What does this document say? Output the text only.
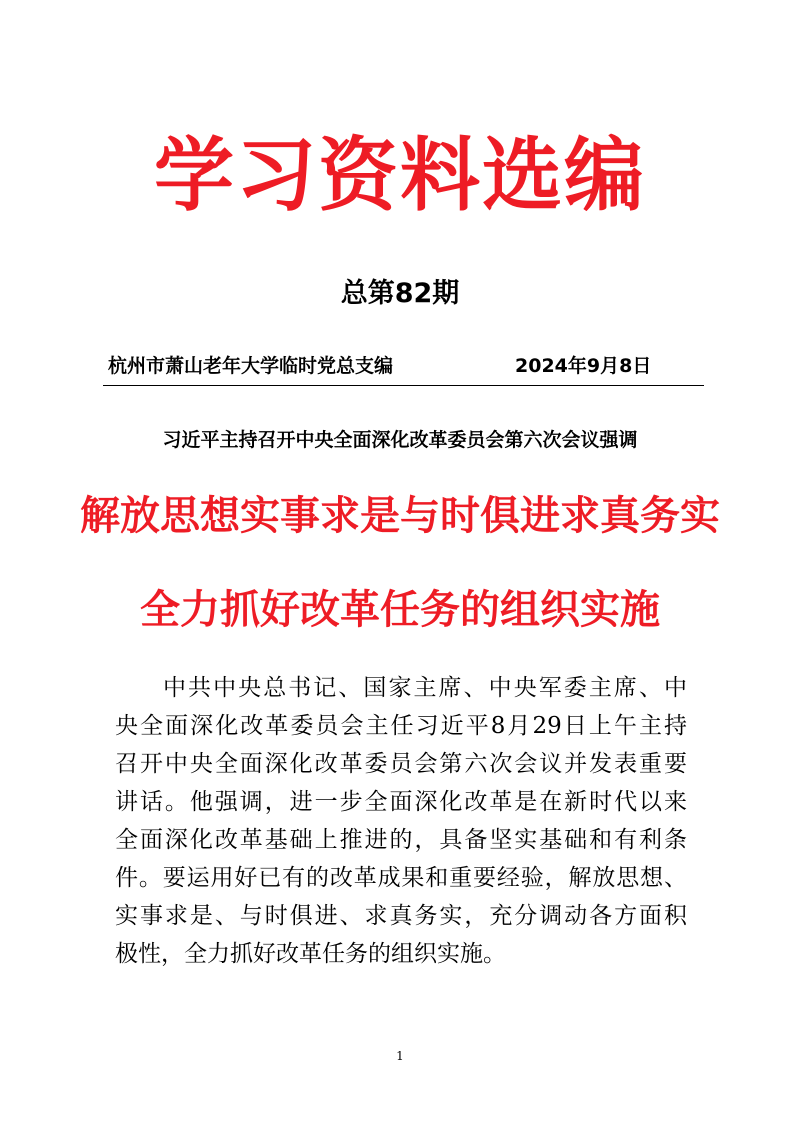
学习资料选编
总第82期
杭州市萧山老年大学临时党总支编	2024年9月8日
习近平主持召开中央全面深化改革委员会第六次会议强调
解放思想实事求是与时俱进求真务实
全力抓好改革任务的组织实施
中共中央总书记、国家主席、中央军委主席、中
央全面深化改革委员会主任习近平8月29日上午主持
召开中央全面深化改革委员会第六次会议并发表重要
讲话。他强调，进一步全面深化改革是在新时代以来
全面深化改革基础上推进的，具备坚实基础和有利条
件。要运用好已有的改革成果和重要经验，解放思想、
实事求是、与时俱进、求真务实，充分调动各方面积
极性，全力抓好改革任务的组织实施。
1
